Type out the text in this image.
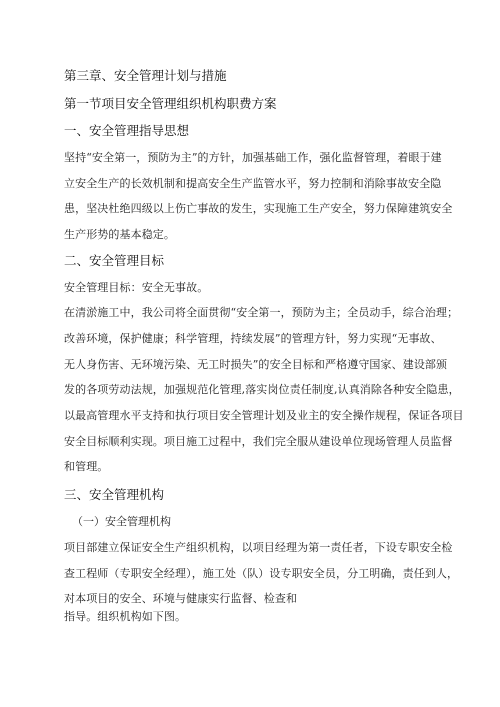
第三章、安全管理计划与措施
第一节项目安全管理组织机构职费方案
一、安全管理指导思想
坚持“安全第一，预防为主”的方针，加强基础工作，强化监督管理，着眼于建
立安全生产的长效机制和提高安全生产监管水平，努力控制和消除事故安全隐
患，坚决杜绝四级以上伤亡事故的发生，实现施工生产安全，努力保障建筑安全
生产形势的基本稳定。
二、安全管理目标
安全管理目标：安全无事故。
在清淤施工中，我公司将全面贯彻“安全第一，预防为主；全员动手，综合治理；
改善环境，保护健康；科学管理，持续发展”的管理方针，努力实现“无事故、
无人身伤害、无环境污染、无工时损失”的安全目标和严格遵守国家、建设部颁
发的各项劳动法规，加强规范化管理,落实岗位责任制度,认真消除各种安全隐患，
以最高管理水平支持和执行项目安全管理计划及业主的安全操作规程，保证各项目
安全目标顺利实现。项目施工过程中，我们完全服从建设单位现场管理人员监督
和管理。
三、安全管理机构
（一）安全管理机构
项目部建立保证安全生产组织机构，以项目经理为第一责任者，下设专职安全检
查工程师（专职安全经理），施工处（队）设专职安全员，分工明确，责任到人，
对本项目的安全、环境与健康实行监督、检查和
指导。组织机构如下图。
